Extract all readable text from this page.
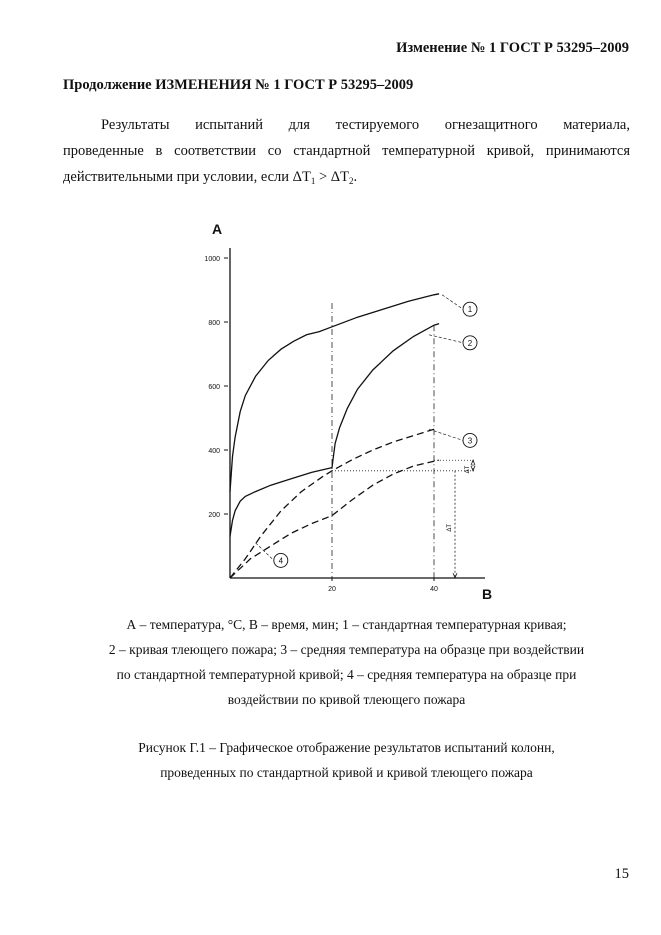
Изменение № 1 ГОСТ Р 53295–2009
Продолжение ИЗМЕНЕНИЯ № 1 ГОСТ Р 53295–2009
Результаты испытаний для тестируемого огнезащитного материала,
проведенные в соответствии со стандартной температурной кривой, принимаются
действительными при условии, если $\Delta T_1 > \Delta T_2$.
200
400
600
800
1000
20	40
A
B
ΔT
ΔT
1
2
3
4
А – температура, °С, В – время, мин; 1 – стандартная температурная кривая;
2 – кривая тлеющего пожара; 3 – средняя температура на образце при воздействии
по стандартной температурной кривой; 4 – средняя температура на образце при
воздействии по кривой тлеющего пожара
Рисунок Г.1 – Графическое отображение результатов испытаний колонн,
проведенных по стандартной кривой и кривой тлеющего пожара
15
